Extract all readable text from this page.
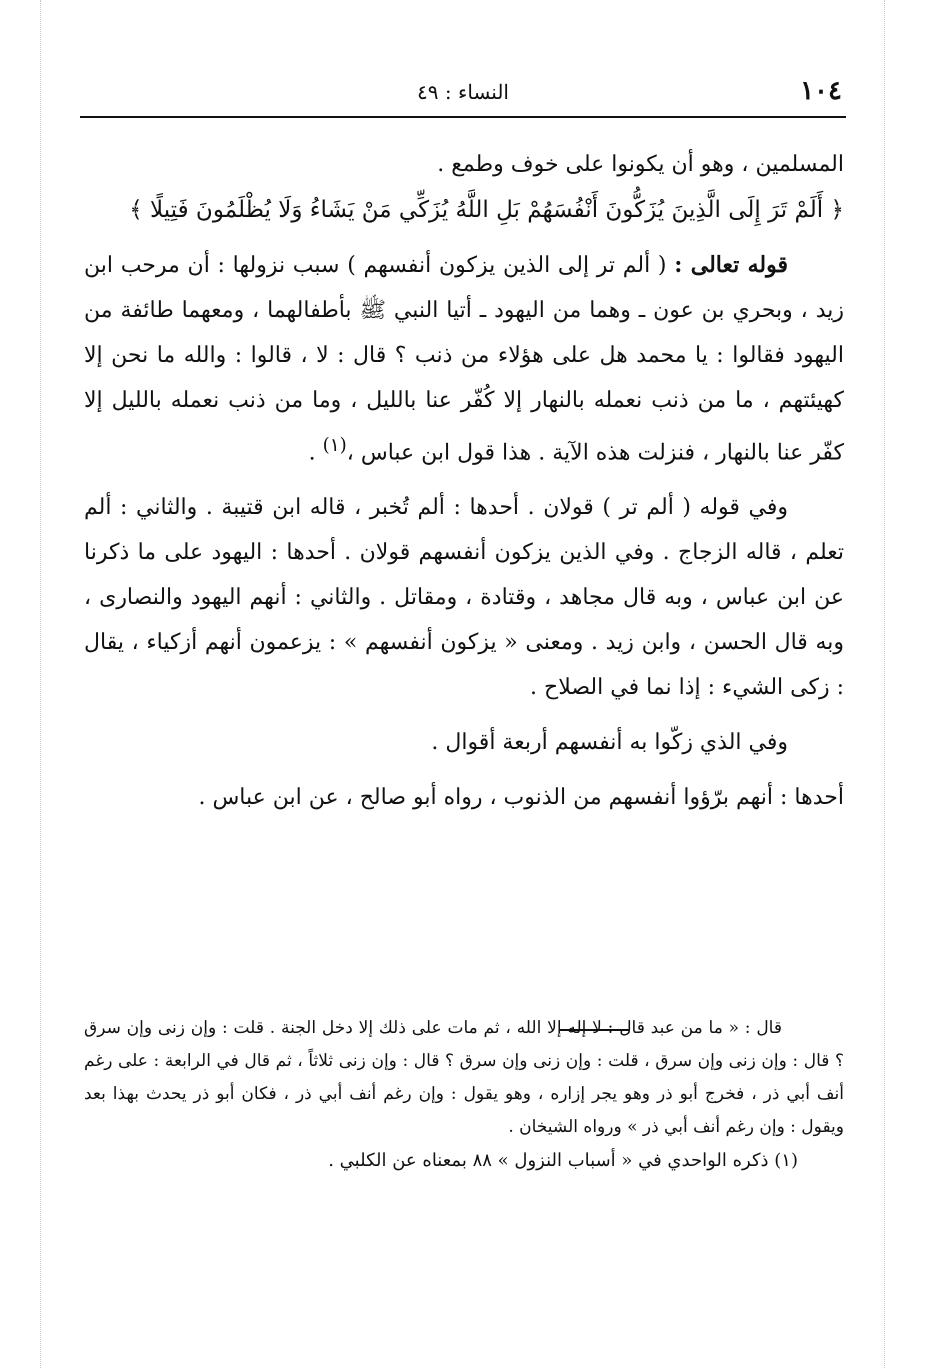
١٠٤
النساء : ٤٩

المسلمين ، وهو أن يكونوا على خوف وطمع .

﴿ أَلَمْ تَرَ إِلَى الَّذِينَ يُزَكُّونَ أَنْفُسَهُمْ بَلِ اللَّهُ يُزَكِّي مَنْ يَشَاءُ وَلَا يُظْلَمُونَ فَتِيلًا ﴾

قوله تعالى : ( ألم تر إلى الذين يزكون أنفسهم ) سبب نزولها : أن مرحب ابن زيد ، وبحري بن عون ـ وهما من اليهود ـ أتيا النبي ﷺ بأطفالهما ، ومعهما طائفة من اليهود فقالوا : يا محمد هل على هؤلاء من ذنب ؟ قال : لا ، قالوا : والله ما نحن إلا كهيئتهم ، ما من ذنب نعمله بالنهار إلا كُفّر عنا بالليل ، وما من ذنب نعمله بالليل إلا كفّر عنا بالنهار ، فنزلت هذه الآية . هذا قول ابن عباس ،$^{(١)}$ .

وفي قوله ( ألم تر ) قولان . أحدها : ألم تُخبر ، قاله ابن قتيبة . والثاني : ألم تعلم ، قاله الزجاج . وفي الذين يزكون أنفسهم قولان . أحدها : اليهود على ما ذكرنا عن ابن عباس ، وبه قال مجاهد ، وقتادة ، ومقاتل . والثاني : أنهم اليهود والنصارى ، وبه قال الحسن ، وابن زيد . ومعنى « يزكون أنفسهم » : يزعمون أنهم أزكياء ، يقال : زكى الشيء : إذا نما في الصلاح .

وفي الذي زكّوا به أنفسهم أربعة أقوال .

أحدها : أنهم برّؤوا أنفسهم من الذنوب ، رواه أبو صالح ، عن ابن عباس .

قال : « ما من عبد قال : لا إله إلا الله ، ثم مات على ذلك إلا دخل الجنة . قلت : وإن زنى وإن سرق ؟ قال : وإن زنى وإن سرق ، قلت : وإن زنى وإن سرق ؟ قال : وإن زنى ثلاثاً ، ثم قال في الرابعة : على رغم أنف أبي ذر ، فخرج أبو ذر وهو يجر إزاره ، وهو يقول : وإن رغم أنف أبي ذر ، فكان أبو ذر يحدث بهذا بعد ويقول : وإن رغم أنف أبي ذر » ورواه الشيخان .

(١) ذكره الواحدي في « أسباب النزول » ٨٨ بمعناه عن الكلبي .
